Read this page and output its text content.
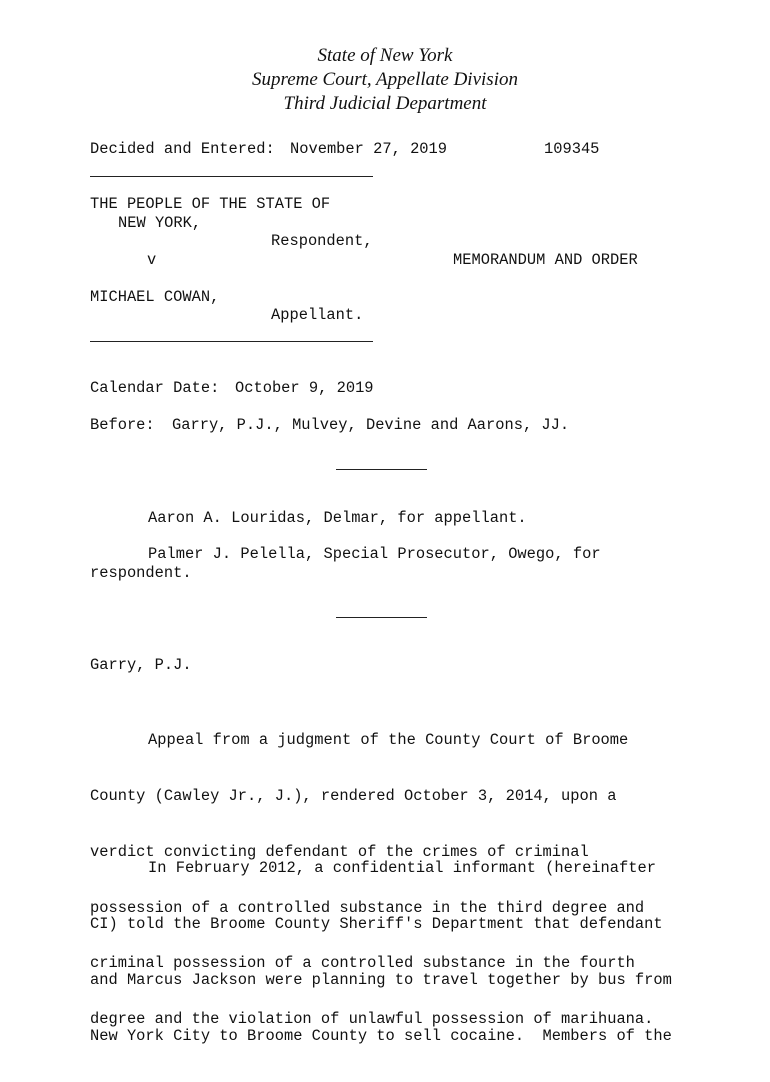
State of New York
Supreme Court, Appellate Division
Third Judicial Department
Decided and Entered: November 27, 2019	109345
THE PEOPLE OF THE STATE OF
NEW YORK,
Respondent,
v	MEMORANDUM AND ORDER
MICHAEL COWAN,
Appellant.
Calendar Date: October 9, 2019
Before: Garry, P.J., Mulvey, Devine and Aarons, JJ.
Aaron A. Louridas, Delmar, for appellant.
Palmer J. Pelella, Special Prosecutor, Owego, for
respondent.
Garry, P.J.

Appeal from a judgment of the County Court of Broome

County (Cawley Jr., J.), rendered October 3, 2014, upon a

verdict convicting defendant of the crimes of criminal

possession of a controlled substance in the third degree and

criminal possession of a controlled substance in the fourth

degree and the violation of unlawful possession of marihuana.

In February 2012, a confidential informant (hereinafter

CI) told the Broome County Sheriff's Department that defendant

and Marcus Jackson were planning to travel together by bus from

New York City to Broome County to sell cocaine.  Members of the
